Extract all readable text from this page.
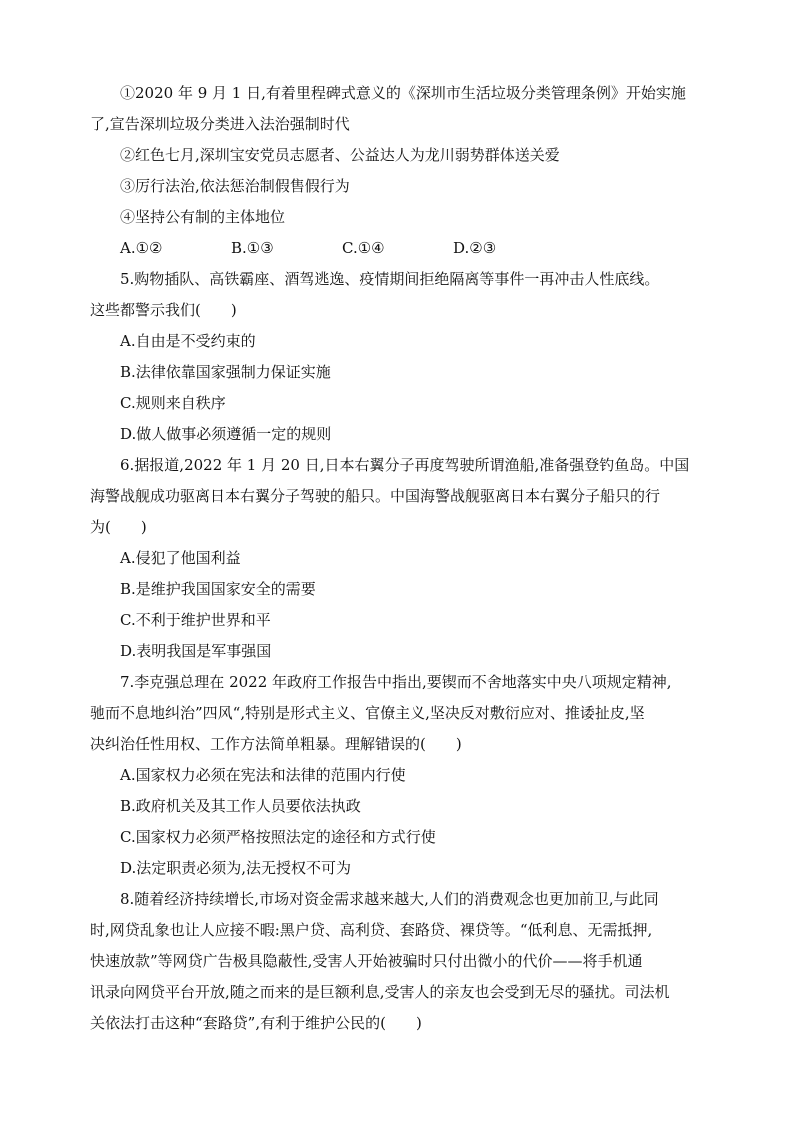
①2020 年 9 月 1 日,有着里程碑式意义的《深圳市生活垃圾分类管理条例》开始实施
了,宣告深圳垃圾分类进入法治强制时代
②红色七月,深圳宝安党员志愿者、公益达人为龙川弱势群体送关爱
③厉行法治,依法惩治制假售假行为
④坚持公有制的主体地位
A.①②	B.①③	C.①④	D.②③
5.购物插队、高铁霸座、酒驾逃逸、疫情期间拒绝隔离等事件一再冲击人性底线。
这些都警示我们(　　)
A.自由是不受约束的
B.法律依靠国家强制力保证实施
C.规则来自秩序
D.做人做事必须遵循一定的规则
6.据报道,2022 年 1 月 20 日,日本右翼分子再度驾驶所谓渔船,准备强登钓鱼岛。中国
海警战舰成功驱离日本右翼分子驾驶的船只。中国海警战舰驱离日本右翼分子船只的行
为(　　)
A.侵犯了他国利益
B.是维护我国国家安全的需要
C.不利于维护世界和平
D.表明我国是军事强国
7.李克强总理在 2022 年政府工作报告中指出,要锲而不舍地落实中央八项规定精神,
驰而不息地纠治”四风“,特别是形式主义、官僚主义,坚决反对敷衍应对、推诿扯皮,坚
决纠治任性用权、工作方法简单粗暴。理解错误的(　　)
A.国家权力必须在宪法和法律的范围内行使
B.政府机关及其工作人员要依法执政
C.国家权力必须严格按照法定的途径和方式行使
D.法定职责必须为,法无授权不可为
8.随着经济持续增长,市场对资金需求越来越大,人们的消费观念也更加前卫,与此同
时,网贷乱象也让人应接不暇:黑户贷、高利贷、套路贷、裸贷等。“低利息、无需抵押,
快速放款”等网贷广告极具隐蔽性,受害人开始被骗时只付出微小的代价——将手机通
讯录向网贷平台开放,随之而来的是巨额利息,受害人的亲友也会受到无尽的骚扰。司法机
关依法打击这种“套路贷”,有利于维护公民的(　　)
